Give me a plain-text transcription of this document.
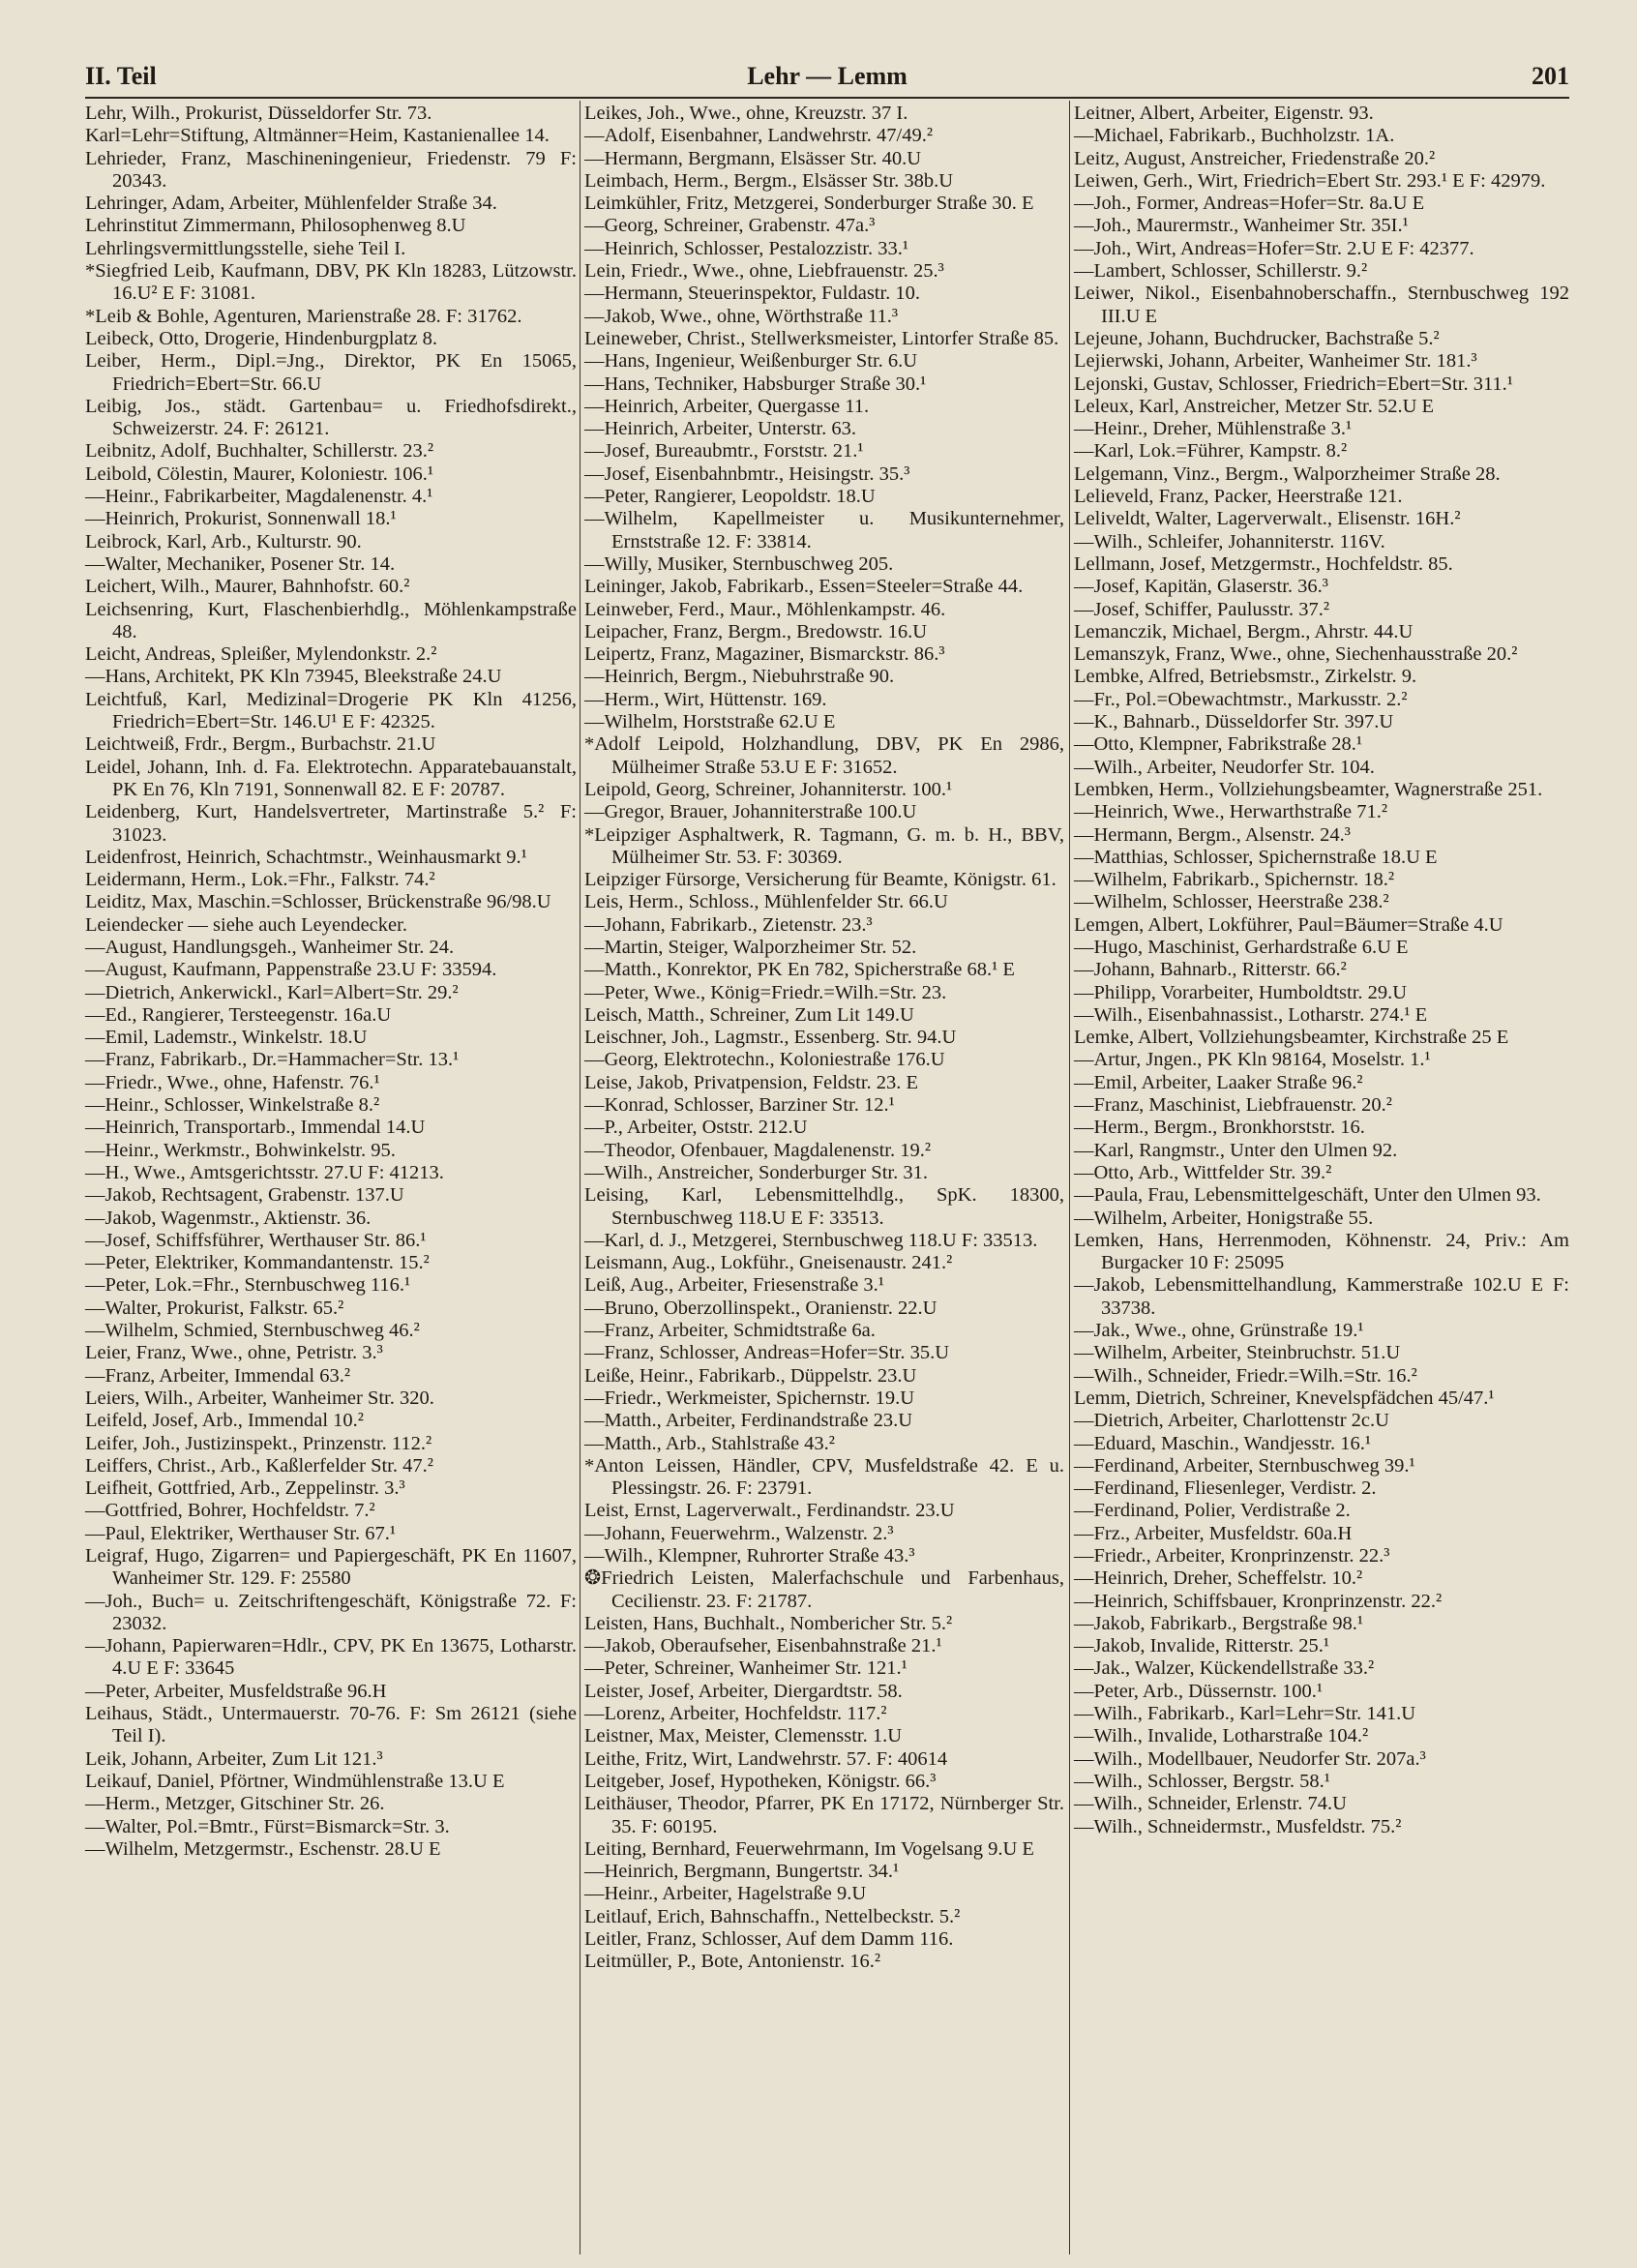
II. Teil	Lehr — Lemm	201
Lehr, Wilh., Prokurist, Düsseldorfer Str. 73.
Karl=Lehr=Stiftung, Altmänner=Heim, Kastanienallee 14.
Lehrieder, Franz, Maschineningenieur, Friedenstr. 79 F: 20343.
Lehringer, Adam, Arbeiter, Mühlenfelder Straße 34.
Lehrinstitut Zimmermann, Philosophenweg 8.U
Lehrlingsvermittlungsstelle, siehe Teil I.
*Siegfried Leib, Kaufmann, DBV, PK Kln 18283, Lützowstr. 16.U² E F: 31081.
*Leib & Bohle, Agenturen, Marienstraße 28. F: 31762.
Leibeck, Otto, Drogerie, Hindenburgplatz 8.
Leiber, Herm., Dipl.=Jng., Direktor, PK En 15065, Friedrich=Ebert=Str. 66.U
Leibig, Jos., städt. Gartenbau= u. Friedhofsdirekt., Schweizerstr. 24. F: 26121.
Leibnitz, Adolf, Buchhalter, Schillerstr. 23.²
Leibold, Cölestin, Maurer, Koloniestr. 106.¹
—Heinr., Fabrikarbeiter, Magdalenenstr. 4.¹
—Heinrich, Prokurist, Sonnenwall 18.¹
Leibrock, Karl, Arb., Kulturstr. 90.
—Walter, Mechaniker, Posener Str. 14.
Leichert, Wilh., Maurer, Bahnhofstr. 60.²
Leichsenring, Kurt, Flaschenbierhdlg., Möhlenkampstraße 48.
Leicht, Andreas, Spleißer, Mylendonkstr. 2.²
—Hans, Architekt, PK Kln 73945, Bleekstraße 24.U
Leichtfuß, Karl, Medizinal=Drogerie PK Kln 41256, Friedrich=Ebert=Str. 146.U¹ E F: 42325.
Leichtweiß, Frdr., Bergm., Burbachstr. 21.U
Leidel, Johann, Inh. d. Fa. Elektrotechn. Apparatebauanstalt, PK En 76, Kln 7191, Sonnenwall 82. E F: 20787.
Leidenberg, Kurt, Handelsvertreter, Martinstraße 5.² F: 31023.
Leidenfrost, Heinrich, Schachtmstr., Weinhausmarkt 9.¹
Leidermann, Herm., Lok.=Fhr., Falkstr. 74.²
Leiditz, Max, Maschin.=Schlosser, Brückenstraße 96/98.U
Leiendecker — siehe auch Leyendecker.
—August, Handlungsgeh., Wanheimer Str. 24.
—August, Kaufmann, Pappenstraße 23.U F: 33594.
—Dietrich, Ankerwickl., Karl=Albert=Str. 29.²
—Ed., Rangierer, Tersteegenstr. 16a.U
—Emil, Lademstr., Winkelstr. 18.U
—Franz, Fabrikarb., Dr.=Hammacher=Str. 13.¹
—Friedr., Wwe., ohne, Hafenstr. 76.¹
—Heinr., Schlosser, Winkelstraße 8.²
—Heinrich, Transportarb., Immendal 14.U
—Heinr., Werkmstr., Bohwinkelstr. 95.
—H., Wwe., Amtsgerichtsstr. 27.U F: 41213.
—Jakob, Rechtsagent, Grabenstr. 137.U
—Jakob, Wagenmstr., Aktienstr. 36.
—Josef, Schiffsführer, Werthauser Str. 86.¹
—Peter, Elektriker, Kommandantenstr. 15.²
—Peter, Lok.=Fhr., Sternbuschweg 116.¹
—Walter, Prokurist, Falkstr. 65.²
—Wilhelm, Schmied, Sternbuschweg 46.²
Leier, Franz, Wwe., ohne, Petristr. 3.³
—Franz, Arbeiter, Immendal 63.²
Leiers, Wilh., Arbeiter, Wanheimer Str. 320.
Leifeld, Josef, Arb., Immendal 10.²
Leifer, Joh., Justizinspekt., Prinzenstr. 112.²
Leiffers, Christ., Arb., Kaßlerfelder Str. 47.²
Leifheit, Gottfried, Arb., Zeppelinstr. 3.³
—Gottfried, Bohrer, Hochfeldstr. 7.²
—Paul, Elektriker, Werthauser Str. 67.¹
Leigraf, Hugo, Zigarren= und Papiergeschäft, PK En 11607, Wanheimer Str. 129. F: 25580
—Joh., Buch= u. Zeitschriftengeschäft, Königstraße 72. F: 23032.
—Johann, Papierwaren=Hdlr., CPV, PK En 13675, Lotharstr. 4.U E F: 33645
—Peter, Arbeiter, Musfeldstraße 96.H
Leihaus, Städt., Untermauerstr. 70-76. F: Sm 26121 (siehe Teil I).
Leik, Johann, Arbeiter, Zum Lit 121.³
Leikauf, Daniel, Pförtner, Windmühlenstraße 13.U E
—Herm., Metzger, Gitschiner Str. 26.
—Walter, Pol.=Bmtr., Fürst=Bismarck=Str. 3.
—Wilhelm, Metzgermstr., Eschenstr. 28.U E
Leikes, Joh., Wwe., ohne, Kreuzstr. 37 I.
—Adolf, Eisenbahner, Landwehrstr. 47/49.²
—Hermann, Bergmann, Elsässer Str. 40.U
Leimbach, Herm., Bergm., Elsässer Str. 38b.U
Leimkühler, Fritz, Metzgerei, Sonderburger Straße 30. E
—Georg, Schreiner, Grabenstr. 47a.³
—Heinrich, Schlosser, Pestalozzistr. 33.¹
Lein, Friedr., Wwe., ohne, Liebfrauenstr. 25.³
—Hermann, Steuerinspektor, Fuldastr. 10.
—Jakob, Wwe., ohne, Wörthstraße 11.³
Leineweber, Christ., Stellwerksmeister, Lintorfer Straße 85.
—Hans, Ingenieur, Weißenburger Str. 6.U
—Hans, Techniker, Habsburger Straße 30.¹
—Heinrich, Arbeiter, Quergasse 11.
—Heinrich, Arbeiter, Unterstr. 63.
—Josef, Bureaubmtr., Forststr. 21.¹
—Josef, Eisenbahnbmtr., Heisingstr. 35.³
—Peter, Rangierer, Leopoldstr. 18.U
—Wilhelm, Kapellmeister u. Musikunternehmer, Ernststraße 12. F: 33814.
—Willy, Musiker, Sternbuschweg 205.
Leininger, Jakob, Fabrikarb., Essen=Steeler=Straße 44.
Leinweber, Ferd., Maur., Möhlenkampstr. 46.
Leipacher, Franz, Bergm., Bredowstr. 16.U
Leipertz, Franz, Magaziner, Bismarckstr. 86.³
—Heinrich, Bergm., Niebuhrstraße 90.
—Herm., Wirt, Hüttenstr. 169.
—Wilhelm, Horststraße 62.U E
*Adolf Leipold, Holzhandlung, DBV, PK En 2986, Mülheimer Straße 53.U E F: 31652.
Leipold, Georg, Schreiner, Johanniterstr. 100.¹
—Gregor, Brauer, Johanniterstraße 100.U
*Leipziger Asphaltwerk, R. Tagmann, G. m. b. H., BBV, Mülheimer Str. 53. F: 30369.
Leipziger Fürsorge, Versicherung für Beamte, Königstr. 61.
Leis, Herm., Schloss., Mühlenfelder Str. 66.U
—Johann, Fabrikarb., Zietenstr. 23.³
—Martin, Steiger, Walporzheimer Str. 52.
—Matth., Konrektor, PK En 782, Spicherstraße 68.¹ E
—Peter, Wwe., König=Friedr.=Wilh.=Str. 23.
Leisch, Matth., Schreiner, Zum Lit 149.U
Leischner, Joh., Lagmstr., Essenberg. Str. 94.U
—Georg, Elektrotechn., Koloniestraße 176.U
Leise, Jakob, Privatpension, Feldstr. 23. E
—Konrad, Schlosser, Barziner Str. 12.¹
—P., Arbeiter, Oststr. 212.U
—Theodor, Ofenbauer, Magdalenenstr. 19.²
—Wilh., Anstreicher, Sonderburger Str. 31.
Leising, Karl, Lebensmittelhdlg., SpK. 18300, Sternbuschweg 118.U E F: 33513.
—Karl, d. J., Metzgerei, Sternbuschweg 118.U F: 33513.
Leismann, Aug., Lokführ., Gneisenaustr. 241.²
Leiß, Aug., Arbeiter, Friesenstraße 3.¹
—Bruno, Oberzollinspekt., Oranienstr. 22.U
—Franz, Arbeiter, Schmidtstraße 6a.
—Franz, Schlosser, Andreas=Hofer=Str. 35.U
Leiße, Heinr., Fabrikarb., Düppelstr. 23.U
—Friedr., Werkmeister, Spichernstr. 19.U
—Matth., Arbeiter, Ferdinandstraße 23.U
—Matth., Arb., Stahlstraße 43.²
*Anton Leissen, Händler, CPV, Musfeldstraße 42. E u. Plessingstr. 26. F: 23791.
Leist, Ernst, Lagerverwalt., Ferdinandstr. 23.U
—Johann, Feuerwehrm., Walzenstr. 2.³
—Wilh., Klempner, Ruhrorter Straße 43.³
❂Friedrich Leisten, Malerfachschule und Farbenhaus, Cecilienstr. 23. F: 21787.
Leisten, Hans, Buchhalt., Nombericher Str. 5.²
—Jakob, Oberaufseher, Eisenbahnstraße 21.¹
—Peter, Schreiner, Wanheimer Str. 121.¹
Leister, Josef, Arbeiter, Diergardtstr. 58.
—Lorenz, Arbeiter, Hochfeldstr. 117.²
Leistner, Max, Meister, Clemensstr. 1.U
Leithe, Fritz, Wirt, Landwehrstr. 57. F: 40614
Leitgeber, Josef, Hypotheken, Königstr. 66.³
Leithäuser, Theodor, Pfarrer, PK En 17172, Nürnberger Str. 35. F: 60195.
Leiting, Bernhard, Feuerwehrmann, Im Vogelsang 9.U E
—Heinrich, Bergmann, Bungertstr. 34.¹
—Heinr., Arbeiter, Hagelstraße 9.U
Leitlauf, Erich, Bahnschaffn., Nettelbeckstr. 5.²
Leitler, Franz, Schlosser, Auf dem Damm 116.
Leitmüller, P., Bote, Antonienstr. 16.²
Leitner, Albert, Arbeiter, Eigenstr. 93.
—Michael, Fabrikarb., Buchholzstr. 1A.
Leitz, August, Anstreicher, Friedenstraße 20.²
Leiwen, Gerh., Wirt, Friedrich=Ebert Str. 293.¹ E F: 42979.
—Joh., Former, Andreas=Hofer=Str. 8a.U E
—Joh., Maurermstr., Wanheimer Str. 35I.¹
—Joh., Wirt, Andreas=Hofer=Str. 2.U E F: 42377.
—Lambert, Schlosser, Schillerstr. 9.²
Leiwer, Nikol., Eisenbahnoberschaffn., Sternbuschweg 192 III.U E
Lejeune, Johann, Buchdrucker, Bachstraße 5.²
Lejierwski, Johann, Arbeiter, Wanheimer Str. 181.³
Lejonski, Gustav, Schlosser, Friedrich=Ebert=Str. 311.¹
Leleux, Karl, Anstreicher, Metzer Str. 52.U E
—Heinr., Dreher, Mühlenstraße 3.¹
—Karl, Lok.=Führer, Kampstr. 8.²
Lelgemann, Vinz., Bergm., Walporzheimer Straße 28.
Lelieveld, Franz, Packer, Heerstraße 121.
Leliveldt, Walter, Lagerverwalt., Elisenstr. 16H.²
—Wilh., Schleifer, Johanniterstr. 116V.
Lellmann, Josef, Metzgermstr., Hochfeldstr. 85.
—Josef, Kapitän, Glaserstr. 36.³
—Josef, Schiffer, Paulusstr. 37.²
Lemanczik, Michael, Bergm., Ahrstr. 44.U
Lemanszyk, Franz, Wwe., ohne, Siechenhausstraße 20.²
Lembke, Alfred, Betriebsmstr., Zirkelstr. 9.
—Fr., Pol.=Obewachtmstr., Markusstr. 2.²
—K., Bahnarb., Düsseldorfer Str. 397.U
—Otto, Klempner, Fabrikstraße 28.¹
—Wilh., Arbeiter, Neudorfer Str. 104.
Lembken, Herm., Vollziehungsbeamter, Wagnerstraße 251.
—Heinrich, Wwe., Herwarthstraße 71.²
—Hermann, Bergm., Alsenstr. 24.³
—Matthias, Schlosser, Spichernstraße 18.U E
—Wilhelm, Fabrikarb., Spichernstr. 18.²
—Wilhelm, Schlosser, Heerstraße 238.²
Lemgen, Albert, Lokführer, Paul=Bäumer=Straße 4.U
—Hugo, Maschinist, Gerhardstraße 6.U E
—Johann, Bahnarb., Ritterstr. 66.²
—Philipp, Vorarbeiter, Humboldtstr. 29.U
—Wilh., Eisenbahnassist., Lotharstr. 274.¹ E
Lemke, Albert, Vollziehungsbeamter, Kirchstraße 25 E
—Artur, Jngen., PK Kln 98164, Moselstr. 1.¹
—Emil, Arbeiter, Laaker Straße 96.²
—Franz, Maschinist, Liebfrauenstr. 20.²
—Herm., Bergm., Bronkhorststr. 16.
—Karl, Rangmstr., Unter den Ulmen 92.
—Otto, Arb., Wittfelder Str. 39.²
—Paula, Frau, Lebensmittelgeschäft, Unter den Ulmen 93.
—Wilhelm, Arbeiter, Honigstraße 55.
Lemken, Hans, Herrenmoden, Köhnenstr. 24, Priv.: Am Burgacker 10 F: 25095
—Jakob, Lebensmittelhandlung, Kammerstraße 102.U E F: 33738.
—Jak., Wwe., ohne, Grünstraße 19.¹
—Wilhelm, Arbeiter, Steinbruchstr. 51.U
—Wilh., Schneider, Friedr.=Wilh.=Str. 16.²
Lemm, Dietrich, Schreiner, Knevelspfädchen 45/47.¹
—Dietrich, Arbeiter, Charlottenstr 2c.U
—Eduard, Maschin., Wandjesstr. 16.¹
—Ferdinand, Arbeiter, Sternbuschweg 39.¹
—Ferdinand, Fliesenleger, Verdistr. 2.
—Ferdinand, Polier, Verdistraße 2.
—Frz., Arbeiter, Musfeldstr. 60a.H
—Friedr., Arbeiter, Kronprinzenstr. 22.³
—Heinrich, Dreher, Scheffelstr. 10.²
—Heinrich, Schiffsbauer, Kronprinzenstr. 22.²
—Jakob, Fabrikarb., Bergstraße 98.¹
—Jakob, Invalide, Ritterstr. 25.¹
—Jak., Walzer, Kückendellstraße 33.²
—Peter, Arb., Düssernstr. 100.¹
—Wilh., Fabrikarb., Karl=Lehr=Str. 141.U
—Wilh., Invalide, Lotharstraße 104.²
—Wilh., Modellbauer, Neudorfer Str. 207a.³
—Wilh., Schlosser, Bergstr. 58.¹
—Wilh., Schneider, Erlenstr. 74.U
—Wilh., Schneidermstr., Musfeldstr. 75.²
